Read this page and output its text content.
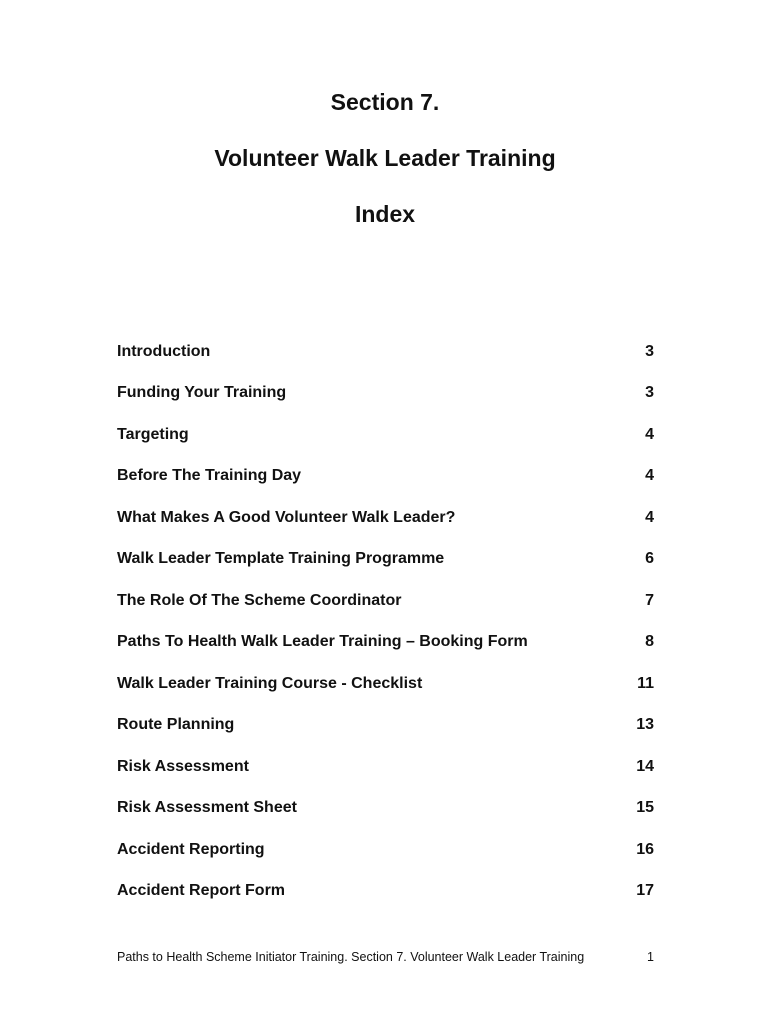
Section 7.
Volunteer Walk Leader Training
Index
Introduction	3
Funding Your Training	3
Targeting	4
Before The Training Day	4
What Makes A Good Volunteer Walk Leader?	4
Walk Leader Template Training Programme	6
The Role Of The Scheme Coordinator	7
Paths To Health Walk Leader Training – Booking Form	8
Walk Leader Training Course - Checklist	11
Route Planning	13
Risk Assessment	14
Risk Assessment Sheet	15
Accident Reporting	16
Accident Report Form	17
Paths to Health Scheme Initiator Training. Section 7. Volunteer Walk Leader Training	1
